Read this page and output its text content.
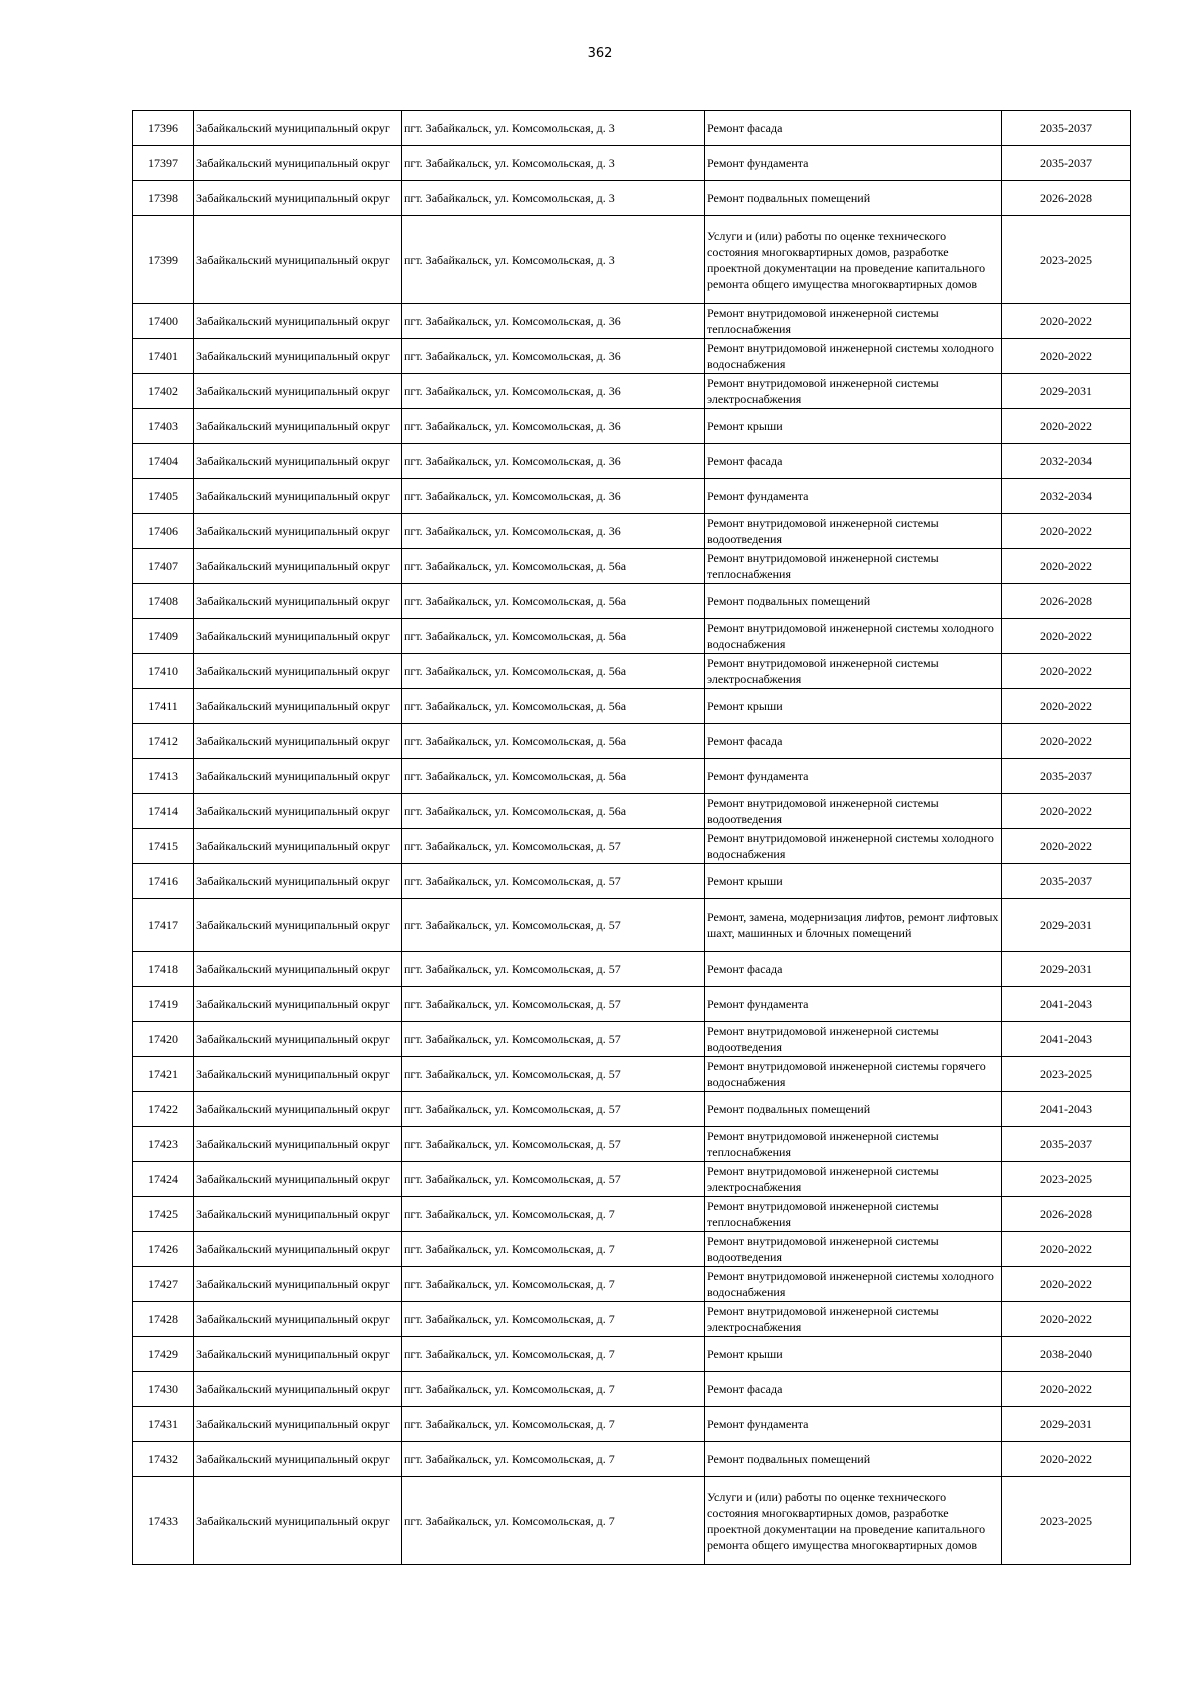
362
17396	Забайкальский муниципальный округ	пгт. Забайкальск, ул. Комсомольская, д. 3	Ремонт фасада	2035-2037
17397	Забайкальский муниципальный округ	пгт. Забайкальск, ул. Комсомольская, д. 3	Ремонт фундамента	2035-2037
17398	Забайкальский муниципальный округ	пгт. Забайкальск, ул. Комсомольская, д. 3	Ремонт подвальных помещений	2026-2028
17399	Забайкальский муниципальный округ	пгт. Забайкальск, ул. Комсомольская, д. 3	Услуги и (или) работы по оценке технического состояния многоквартирных домов, разработке проектной документации на проведение капитального ремонта общего имущества многоквартирных домов	2023-2025
17400	Забайкальский муниципальный округ	пгт. Забайкальск, ул. Комсомольская, д. 36	Ремонт внутридомовой инженерной системы теплоснабжения	2020-2022
17401	Забайкальский муниципальный округ	пгт. Забайкальск, ул. Комсомольская, д. 36	Ремонт внутридомовой инженерной системы холодного водоснабжения	2020-2022
17402	Забайкальский муниципальный округ	пгт. Забайкальск, ул. Комсомольская, д. 36	Ремонт внутридомовой инженерной системы электроснабжения	2029-2031
17403	Забайкальский муниципальный округ	пгт. Забайкальск, ул. Комсомольская, д. 36	Ремонт крыши	2020-2022
17404	Забайкальский муниципальный округ	пгт. Забайкальск, ул. Комсомольская, д. 36	Ремонт фасада	2032-2034
17405	Забайкальский муниципальный округ	пгт. Забайкальск, ул. Комсомольская, д. 36	Ремонт фундамента	2032-2034
17406	Забайкальский муниципальный округ	пгт. Забайкальск, ул. Комсомольская, д. 36	Ремонт внутридомовой инженерной системы водоотведения	2020-2022
17407	Забайкальский муниципальный округ	пгт. Забайкальск, ул. Комсомольская, д. 56а	Ремонт внутридомовой инженерной системы теплоснабжения	2020-2022
17408	Забайкальский муниципальный округ	пгт. Забайкальск, ул. Комсомольская, д. 56а	Ремонт подвальных помещений	2026-2028
17409	Забайкальский муниципальный округ	пгт. Забайкальск, ул. Комсомольская, д. 56а	Ремонт внутридомовой инженерной системы холодного водоснабжения	2020-2022
17410	Забайкальский муниципальный округ	пгт. Забайкальск, ул. Комсомольская, д. 56а	Ремонт внутридомовой инженерной системы электроснабжения	2020-2022
17411	Забайкальский муниципальный округ	пгт. Забайкальск, ул. Комсомольская, д. 56а	Ремонт крыши	2020-2022
17412	Забайкальский муниципальный округ	пгт. Забайкальск, ул. Комсомольская, д. 56а	Ремонт фасада	2020-2022
17413	Забайкальский муниципальный округ	пгт. Забайкальск, ул. Комсомольская, д. 56а	Ремонт фундамента	2035-2037
17414	Забайкальский муниципальный округ	пгт. Забайкальск, ул. Комсомольская, д. 56а	Ремонт внутридомовой инженерной системы водоотведения	2020-2022
17415	Забайкальский муниципальный округ	пгт. Забайкальск, ул. Комсомольская, д. 57	Ремонт внутридомовой инженерной системы холодного водоснабжения	2020-2022
17416	Забайкальский муниципальный округ	пгт. Забайкальск, ул. Комсомольская, д. 57	Ремонт крыши	2035-2037
17417	Забайкальский муниципальный округ	пгт. Забайкальск, ул. Комсомольская, д. 57	Ремонт, замена, модернизация лифтов, ремонт лифтовых шахт, машинных и блочных помещений	2029-2031
17418	Забайкальский муниципальный округ	пгт. Забайкальск, ул. Комсомольская, д. 57	Ремонт фасада	2029-2031
17419	Забайкальский муниципальный округ	пгт. Забайкальск, ул. Комсомольская, д. 57	Ремонт фундамента	2041-2043
17420	Забайкальский муниципальный округ	пгт. Забайкальск, ул. Комсомольская, д. 57	Ремонт внутридомовой инженерной системы водоотведения	2041-2043
17421	Забайкальский муниципальный округ	пгт. Забайкальск, ул. Комсомольская, д. 57	Ремонт внутридомовой инженерной системы горячего водоснабжения	2023-2025
17422	Забайкальский муниципальный округ	пгт. Забайкальск, ул. Комсомольская, д. 57	Ремонт подвальных помещений	2041-2043
17423	Забайкальский муниципальный округ	пгт. Забайкальск, ул. Комсомольская, д. 57	Ремонт внутридомовой инженерной системы теплоснабжения	2035-2037
17424	Забайкальский муниципальный округ	пгт. Забайкальск, ул. Комсомольская, д. 57	Ремонт внутридомовой инженерной системы электроснабжения	2023-2025
17425	Забайкальский муниципальный округ	пгт. Забайкальск, ул. Комсомольская, д. 7	Ремонт внутридомовой инженерной системы теплоснабжения	2026-2028
17426	Забайкальский муниципальный округ	пгт. Забайкальск, ул. Комсомольская, д. 7	Ремонт внутридомовой инженерной системы водоотведения	2020-2022
17427	Забайкальский муниципальный округ	пгт. Забайкальск, ул. Комсомольская, д. 7	Ремонт внутридомовой инженерной системы холодного водоснабжения	2020-2022
17428	Забайкальский муниципальный округ	пгт. Забайкальск, ул. Комсомольская, д. 7	Ремонт внутридомовой инженерной системы электроснабжения	2020-2022
17429	Забайкальский муниципальный округ	пгт. Забайкальск, ул. Комсомольская, д. 7	Ремонт крыши	2038-2040
17430	Забайкальский муниципальный округ	пгт. Забайкальск, ул. Комсомольская, д. 7	Ремонт фасада	2020-2022
17431	Забайкальский муниципальный округ	пгт. Забайкальск, ул. Комсомольская, д. 7	Ремонт фундамента	2029-2031
17432	Забайкальский муниципальный округ	пгт. Забайкальск, ул. Комсомольская, д. 7	Ремонт подвальных помещений	2020-2022
17433	Забайкальский муниципальный округ	пгт. Забайкальск, ул. Комсомольская, д. 7	Услуги и (или) работы по оценке технического состояния многоквартирных домов, разработке проектной документации на проведение капитального ремонта общего имущества многоквартирных домов	2023-2025
